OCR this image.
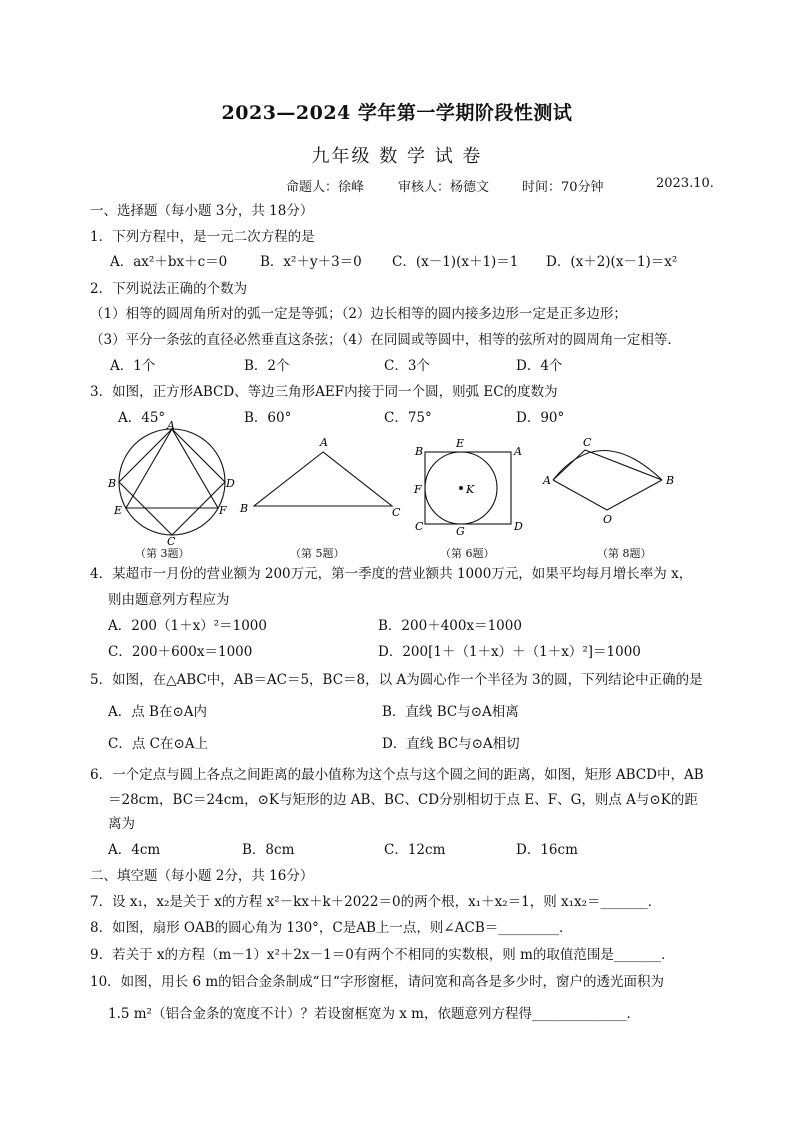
2023—2024 学年第一学期阶段性测试
九年级 数 学 试 卷
命题人：徐峰	审核人：杨德文	时间：70分钟	2023.10.
一、选择题（每小题 3分，共 18分）
1．下列方程中，是一元二次方程的是
A．ax²＋bx＋c＝0 B．x²＋y＋3＝0 C．(x－1)(x＋1)＝1 D．(x＋2)(x－1)＝x²
2．下列说法正确的个数为
（1）相等的圆周角所对的弧一定是等弧；（2）边长相等的圆内接多边形一定是正多边形；
（3）平分一条弦的直径必然垂直这条弦；（4）在同圆或等圆中，相等的弦所对的圆周角一定相等．
A．1个	B．2个	C．3个	D．4个
3．如图，正方形ABCD、等边三角形AEF内接于同一个圆，则弧 EC的度数为
A．45°	B．60°	C．75°	D．90°
A
B
C
D
E	F
A
B	C
B
E
A
F	K
C	G	D
C
A	B
O
（第 3题）	（第 5题）	（第 6题）	（第 8题）
4．某超市一月份的营业额为 200万元，第一季度的营业额共 1000万元，如果平均每月增长率为 x，
则由题意列方程应为
A．200（1＋x）²＝1000	B．200＋400x＝1000
C．200＋600x＝1000	D．200[1＋（1＋x）＋（1＋x）²]＝1000
5．如图，在△ABC中，AB＝AC＝5，BC＝8，以 A为圆心作一个半径为 3的圆，下列结论中正确的是
A．点 B在⊙A内	B．直线 BC与⊙A相离
C．点 C在⊙A上	D．直线 BC与⊙A相切
6．一个定点与圆上各点之间距离的最小值称为这个点与这个圆之间的距离，如图，矩形 ABCD中，AB
＝28cm，BC＝24cm，⊙K与矩形的边 AB、BC、CD分别相切于点 E、F、G，则点 A与⊙K的距
离为
A．4cm	B．8cm	C．12cm	D．16cm
二、填空题（每小题 2分，共 16分）
7．设 x₁，x₂是关于 x的方程 x²－kx＋k＋2022＝0的两个根，x₁＋x₂＝1，则 x₁x₂＝_______．
8．如图，扇形 OAB的圆心角为 130°，C是AB上一点，则∠ACB＝_________．
9．若关于 x的方程（m－1）x²＋2x－1＝0有两个不相同的实数根，则 m的取值范围是_______．
10．如图，用长 6 m的铝合金条制成“日“字形窗框，请问宽和高各是多少时，窗户的透光面积为
1.5 m²（铝合金条的宽度不计）？若设窗框宽为 x m，依题意列方程得______________．
